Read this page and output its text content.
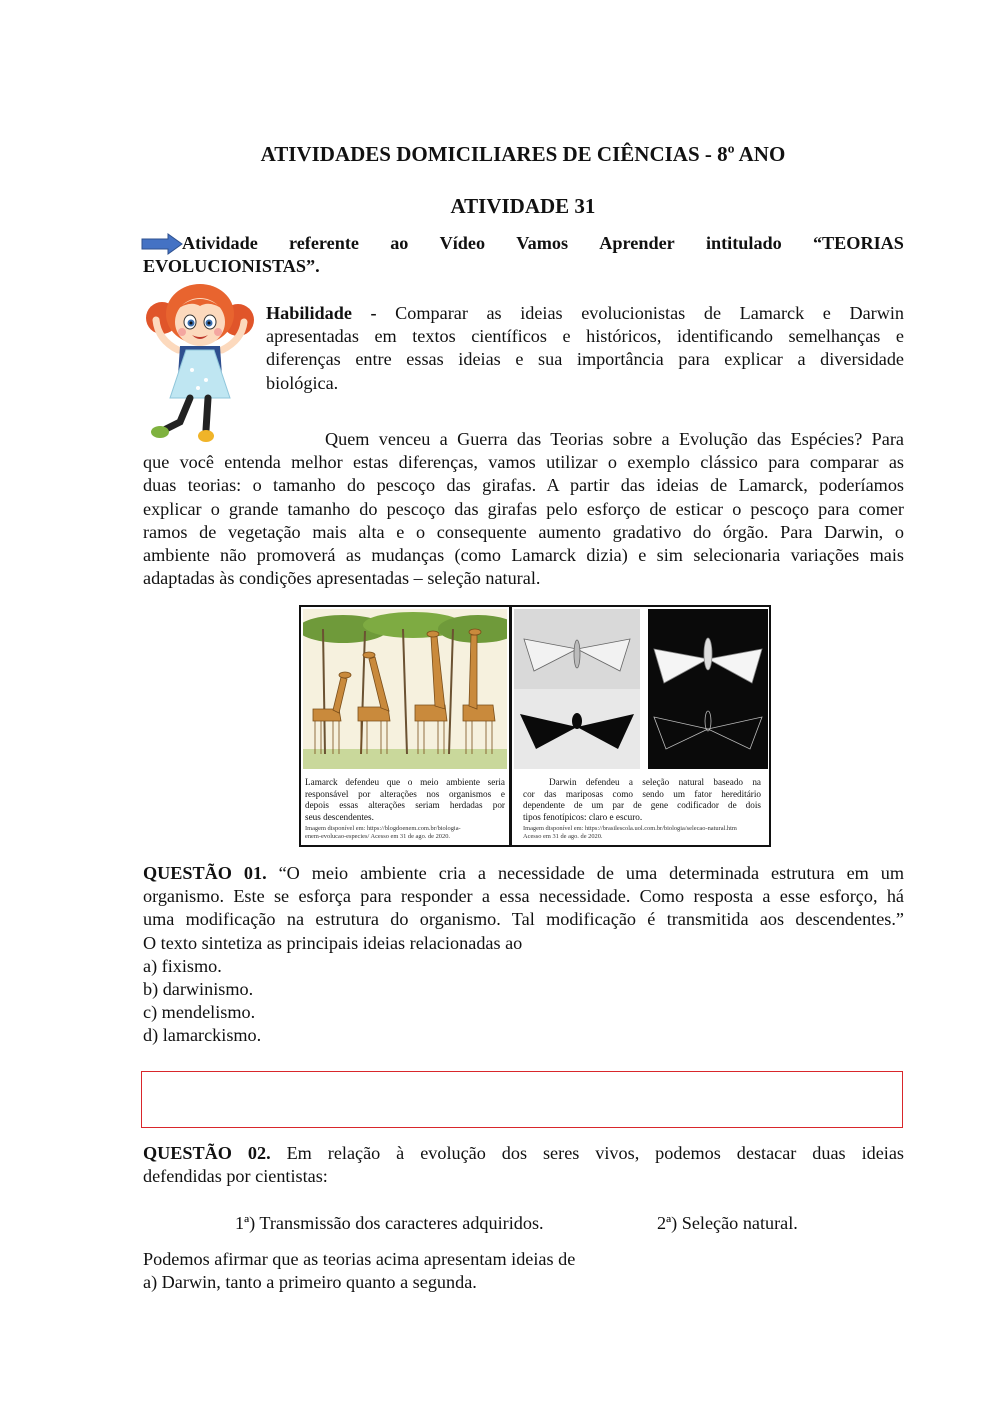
ATIVIDADES DOMICILIARES DE CIÊNCIAS - 8º ANO
ATIVIDADE 31
Atividade referente ao Vídeo Vamos Aprender intitulado “TEORIAS
EVOLUCIONISTAS”.
Habilidade - Comparar as ideias evolucionistas de Lamarck e Darwin
apresentadas em textos científicos e históricos, identificando semelhanças e
diferenças entre essas ideias e sua importância para explicar a diversidade
biológica.
Quem venceu a Guerra das Teorias sobre a Evolução das Espécies? Para
que você entenda melhor estas diferenças, vamos utilizar o exemplo clássico para comparar as
duas teorias: o tamanho do pescoço das girafas. A partir das ideias de Lamarck, poderíamos
explicar o grande tamanho do pescoço das girafas pelo esforço de esticar o pescoço para comer
ramos de vegetação mais alta e o consequente aumento gradativo do órgão. Para Darwin, o
ambiente não promoverá as mudanças (como Lamarck dizia) e sim selecionaria variações mais
adaptadas às condições apresentadas – seleção natural.
Lamarck defendeu que o meio ambiente seria
responsável por alterações nos organismos e
depois essas alterações seriam herdadas por
seus descendentes.
Imagem disponível em: https://blogdoenem.com.br/biologia-
enem-evolucao-especies/ Acesso em 31 de ago. de 2020.
Darwin defendeu a seleção natural baseado na
cor das mariposas como sendo um fator hereditário
dependente de um par de gene codificador de dois
tipos fenotípicos: claro e escuro.
Imagem disponível em: https://brasilescola.uol.com.br/biologia/selecao-natural.htm
Acesso em 31 de ago. de 2020.
QUESTÃO 01. “O meio ambiente cria a necessidade de uma determinada estrutura em um
organismo. Este se esforça para responder a essa necessidade. Como resposta a esse esforço, há
uma modificação na estrutura do organismo. Tal modificação é transmitida aos descendentes.”
O texto sintetiza as principais ideias relacionadas ao
a) fixismo.
b) darwinismo.
c) mendelismo.
d) lamarckismo.
QUESTÃO 02. Em relação à evolução dos seres vivos, podemos destacar duas ideias
defendidas por cientistas:
1ª) Transmissão dos caracteres adquiridos.	2ª) Seleção natural.
Podemos afirmar que as teorias acima apresentam ideias de
a) Darwin, tanto a primeiro quanto a segunda.
